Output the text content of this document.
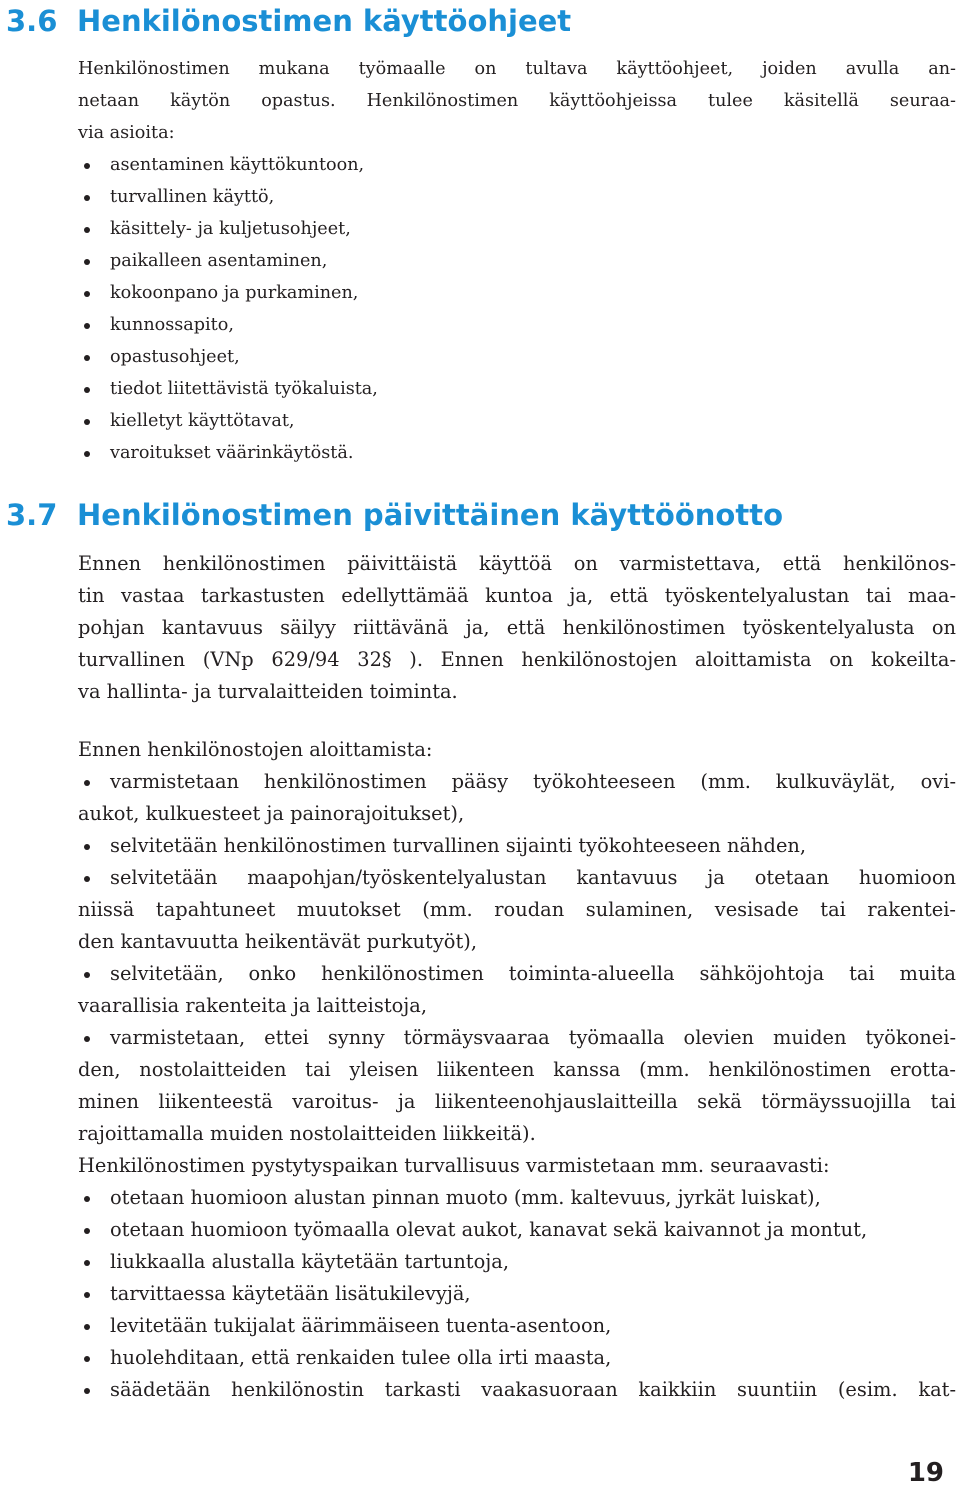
3.6 Henkilönostimen käyttöohjeet
Henkilönostimen mukana työmaalle on tultava käyttöohjeet, joiden avulla an-
netaan käytön opastus. Henkilönostimen käyttöohjeissa tulee käsitellä seuraa-
via asioita:
asentaminen käyttökuntoon,
turvallinen käyttö,
käsittely- ja kuljetusohjeet,
paikalleen asentaminen,
kokoonpano ja purkaminen,
kunnossapito,
opastusohjeet,
tiedot liitettävistä työkaluista,
kielletyt käyttötavat,
varoitukset väärinkäytöstä.
3.7 Henkilönostimen päivittäinen käyttöönotto
Ennen henkilönostimen päivittäistä käyttöä on varmistettava, että henkilönos-
tin vastaa tarkastusten edellyttämää kuntoa ja, että työskentelyalustan tai maa-
pohjan kantavuus säilyy riittävänä ja, että henkilönostimen työskentelyalusta on
turvallinen (VNp 629/94 32§ ). Ennen henkilönostojen aloittamista on kokeilta-
va hallinta- ja turvalaitteiden toiminta.
Ennen henkilönostojen aloittamista:
varmistetaan henkilönostimen pääsy työkohteeseen (mm. kulkuväylät, ovi-
aukot, kulkuesteet ja painorajoitukset),
selvitetään henkilönostimen turvallinen sijainti työkohteeseen nähden,
selvitetään maapohjan/työskentelyalustan kantavuus ja otetaan huomioon
niissä tapahtuneet muutokset (mm. roudan sulaminen, vesisade tai rakentei-
den kantavuutta heikentävät purkutyöt),
selvitetään, onko henkilönostimen toiminta-alueella sähköjohtoja tai muita
vaarallisia rakenteita ja laitteistoja,
varmistetaan, ettei synny törmäysvaaraa työmaalla olevien muiden työkonei-
den, nostolaitteiden tai yleisen liikenteen kanssa (mm. henkilönostimen erotta-
minen liikenteestä varoitus- ja liikenteenohjauslaitteilla sekä törmäyssuojilla tai
rajoittamalla muiden nostolaitteiden liikkeitä).
Henkilönostimen pystytyspaikan turvallisuus varmistetaan mm. seuraavasti:
otetaan huomioon alustan pinnan muoto (mm. kaltevuus, jyrkät luiskat),
otetaan huomioon työmaalla olevat aukot, kanavat sekä kaivannot ja montut,
liukkaalla alustalla käytetään tartuntoja,
tarvittaessa käytetään lisätukilevyjä,
levitetään tukijalat äärimmäiseen tuenta-asentoon,
huolehditaan, että renkaiden tulee olla irti maasta,
säädetään henkilönostin tarkasti vaakasuoraan kaikkiin suuntiin (esim. kat-
19
